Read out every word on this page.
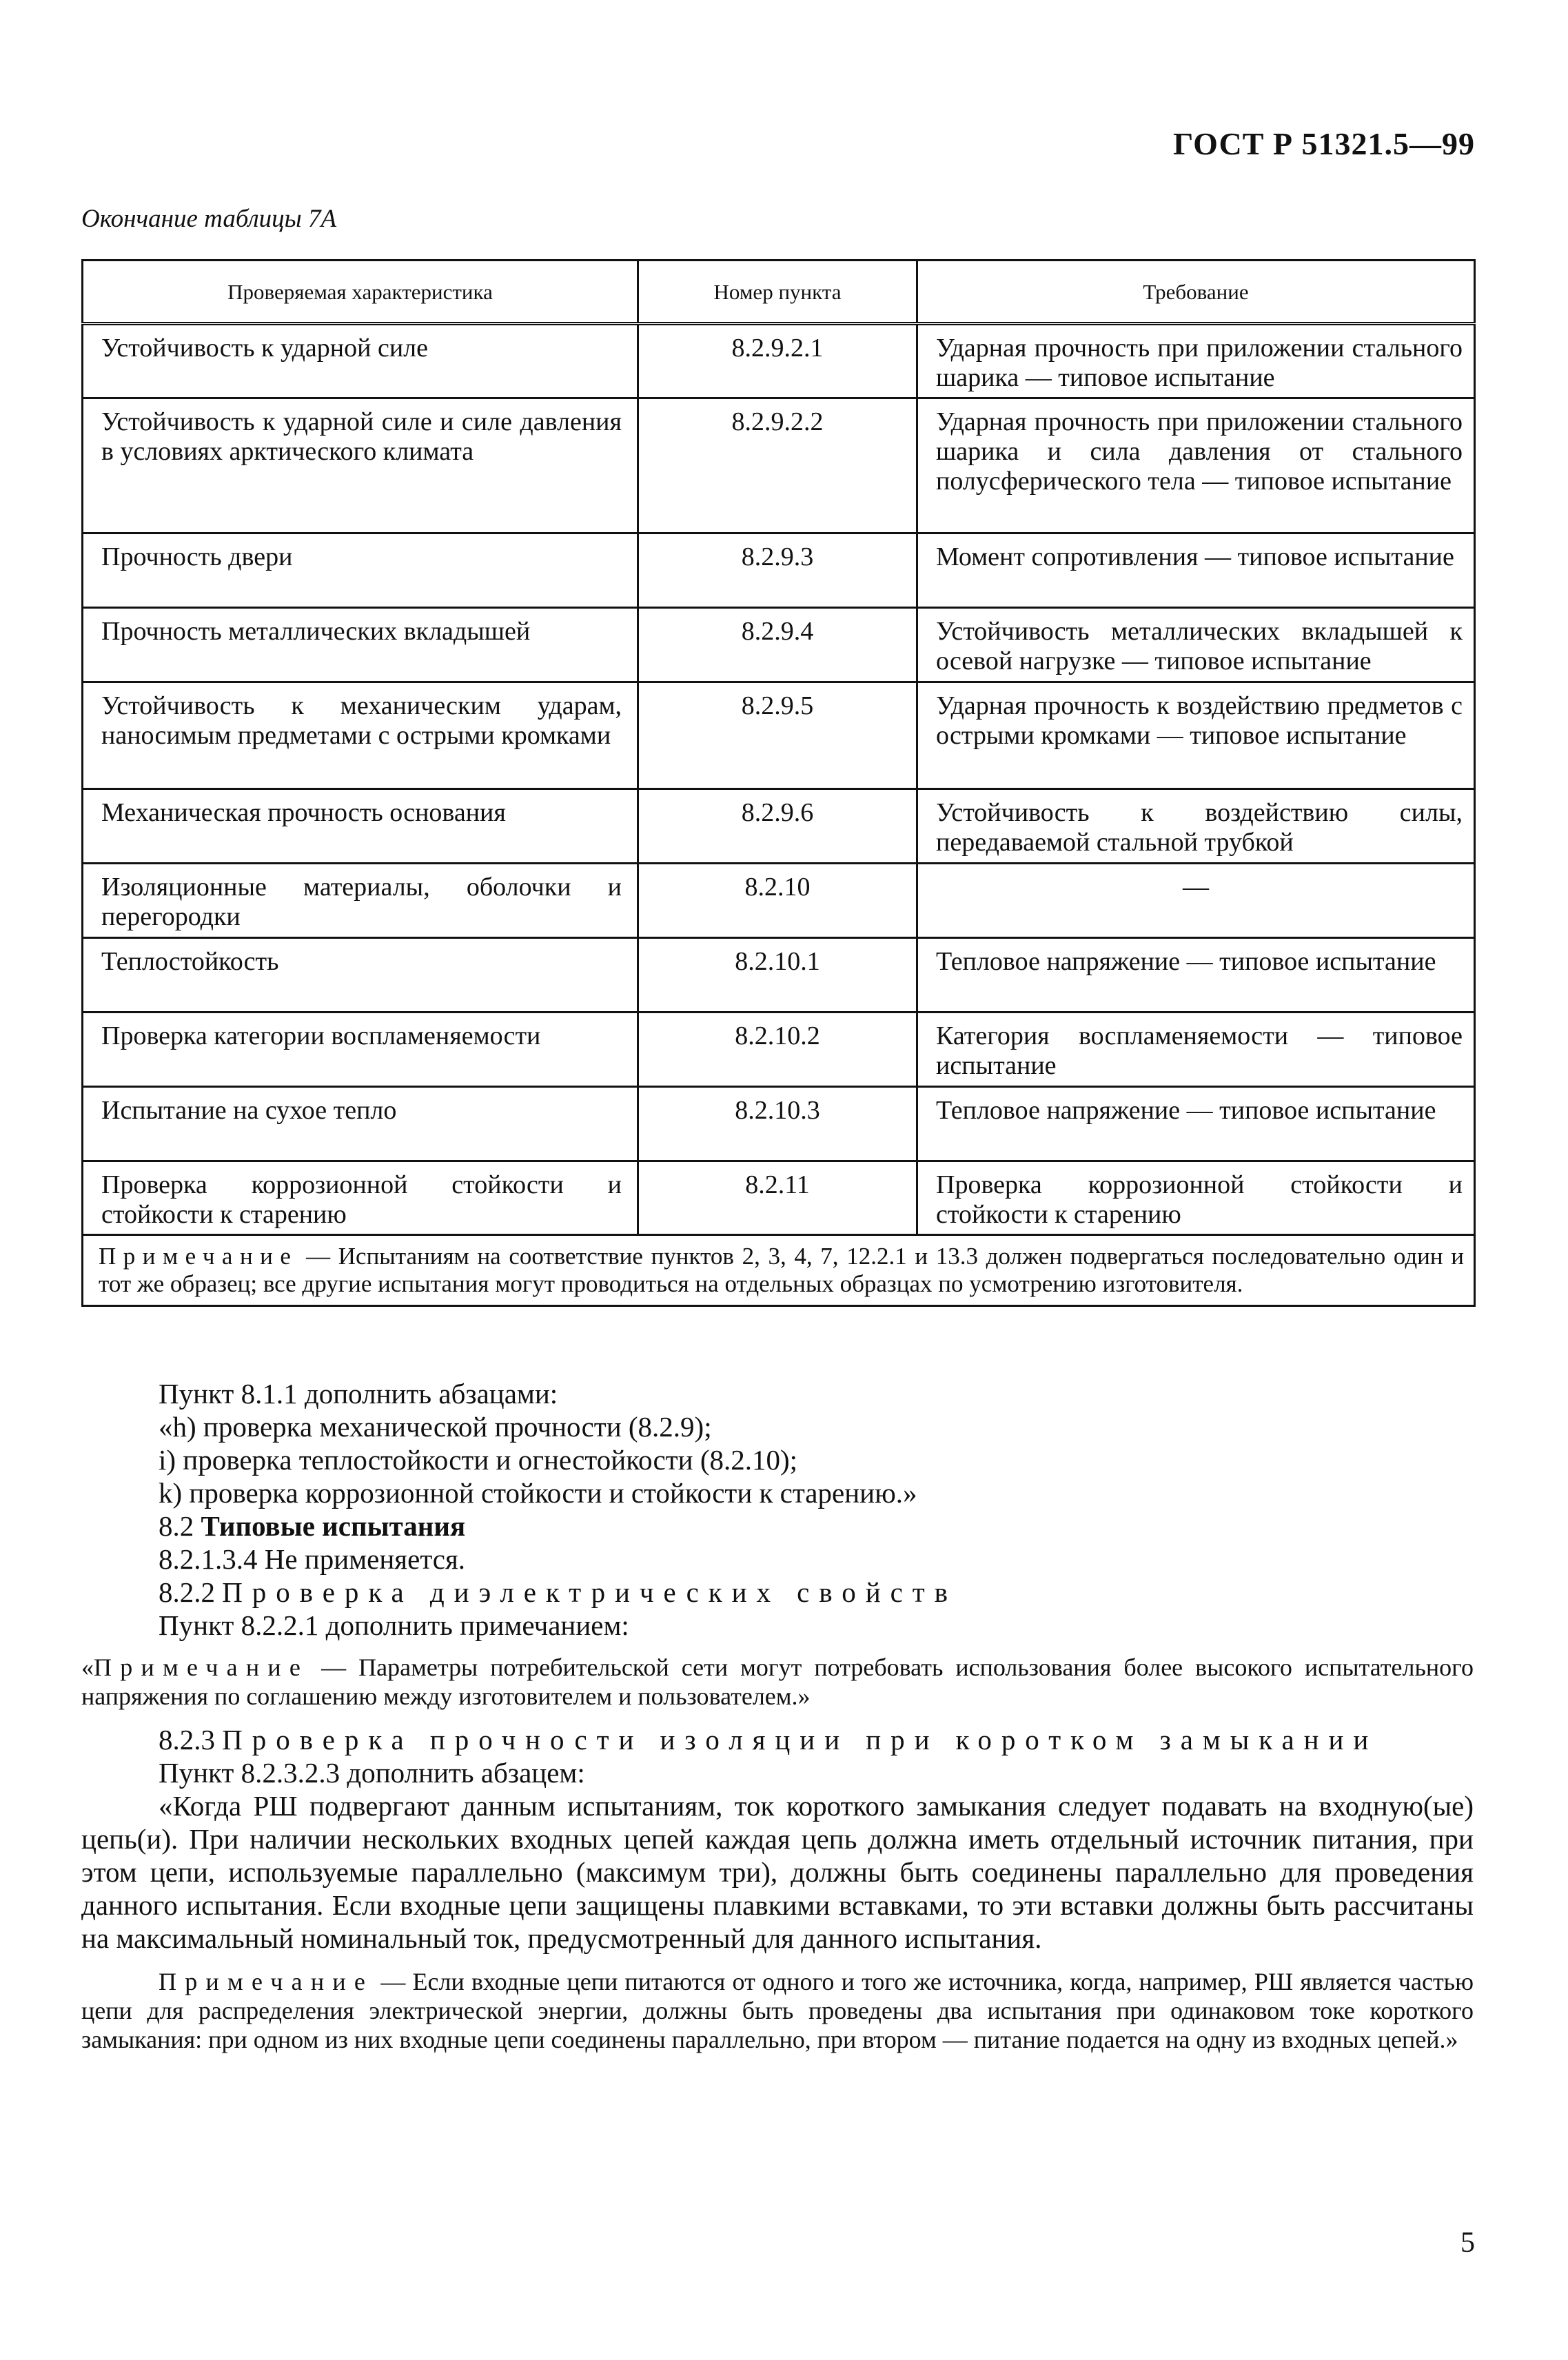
ГОСТ Р 51321.5—99
Окончание таблицы 7А
Проверяемая характеристика	Номер пункта	Требование
Устойчивость к ударной силе	8.2.9.2.1	Ударная прочность при приложении стального шарика — типовое испытание
Устойчивость к ударной силе и силе давления в условиях арктического климата	8.2.9.2.2	Ударная прочность при приложении стального шарика и сила давления от стального полусферического тела — типовое испытание
Прочность двери	8.2.9.3	Момент сопротивления — типовое испытание
Прочность металлических вкладышей	8.2.9.4	Устойчивость металлических вкладышей к осевой нагрузке — типовое испытание
Устойчивость к механическим ударам, наносимым предметами с острыми кромками	8.2.9.5	Ударная прочность к воздействию предметов с острыми кромками — типовое испытание
Механическая прочность основания	8.2.9.6	Устойчивость к воздействию силы, передаваемой стальной трубкой
Изоляционные материалы, оболочки и перегородки	8.2.10	—
Теплостойкость	8.2.10.1	Тепловое напряжение — типовое испытание
Проверка категории воспламеняемости	8.2.10.2	Категория воспламеняемости — типовое испытание
Испытание на сухое тепло	8.2.10.3	Тепловое напряжение — типовое испытание
Проверка коррозионной стойкости и стойкости к старению	8.2.11	Проверка коррозионной стойкости и стойкости к старению
Примечание — Испытаниям на соответствие пунктов 2, 3, 4, 7, 12.2.1 и 13.3 должен подвергаться последовательно один и тот же образец; все другие испытания могут проводиться на отдельных образцах по усмотрению изготовителя.		

Пункт 8.1.1 дополнить абзацами:

«h) проверка механической прочности (8.2.9);

i) проверка теплостойкости и огнестойкости (8.2.10);

k) проверка коррозионной стойкости и стойкости к старению.»

8.2 Типовые испытания

8.2.1.3.4 Не применяется.

8.2.2 Проверка диэлектрических свойств

Пункт 8.2.2.1 дополнить примечанием:

«Примечание — Параметры потребительской сети могут потребовать использования более высокого испытательного напряжения по соглашению между изготовителем и пользователем.»

8.2.3 Проверка прочности изоляции при коротком замыкании

Пункт 8.2.3.2.3 дополнить абзацем:

«Когда РШ подвергают данным испытаниям, ток короткого замыкания следует подавать на входную(ые) цепь(и). При наличии нескольких входных цепей каждая цепь должна иметь отдельный источник питания, при этом цепи, используемые параллельно (максимум три), должны быть соединены параллельно для проведения данного испытания. Если входные цепи защищены плавкими вставками, то эти вставки должны быть рассчитаны на максимальный номинальный ток, предусмотренный для данного испытания.

Примечание — Если входные цепи питаются от одного и того же источника, когда, например, РШ является частью цепи для распределения электрической энергии, должны быть проведены два испытания при одинаковом токе короткого замыкания: при одном из них входные цепи соединены параллельно, при втором — питание подается на одну из входных цепей.»

5
